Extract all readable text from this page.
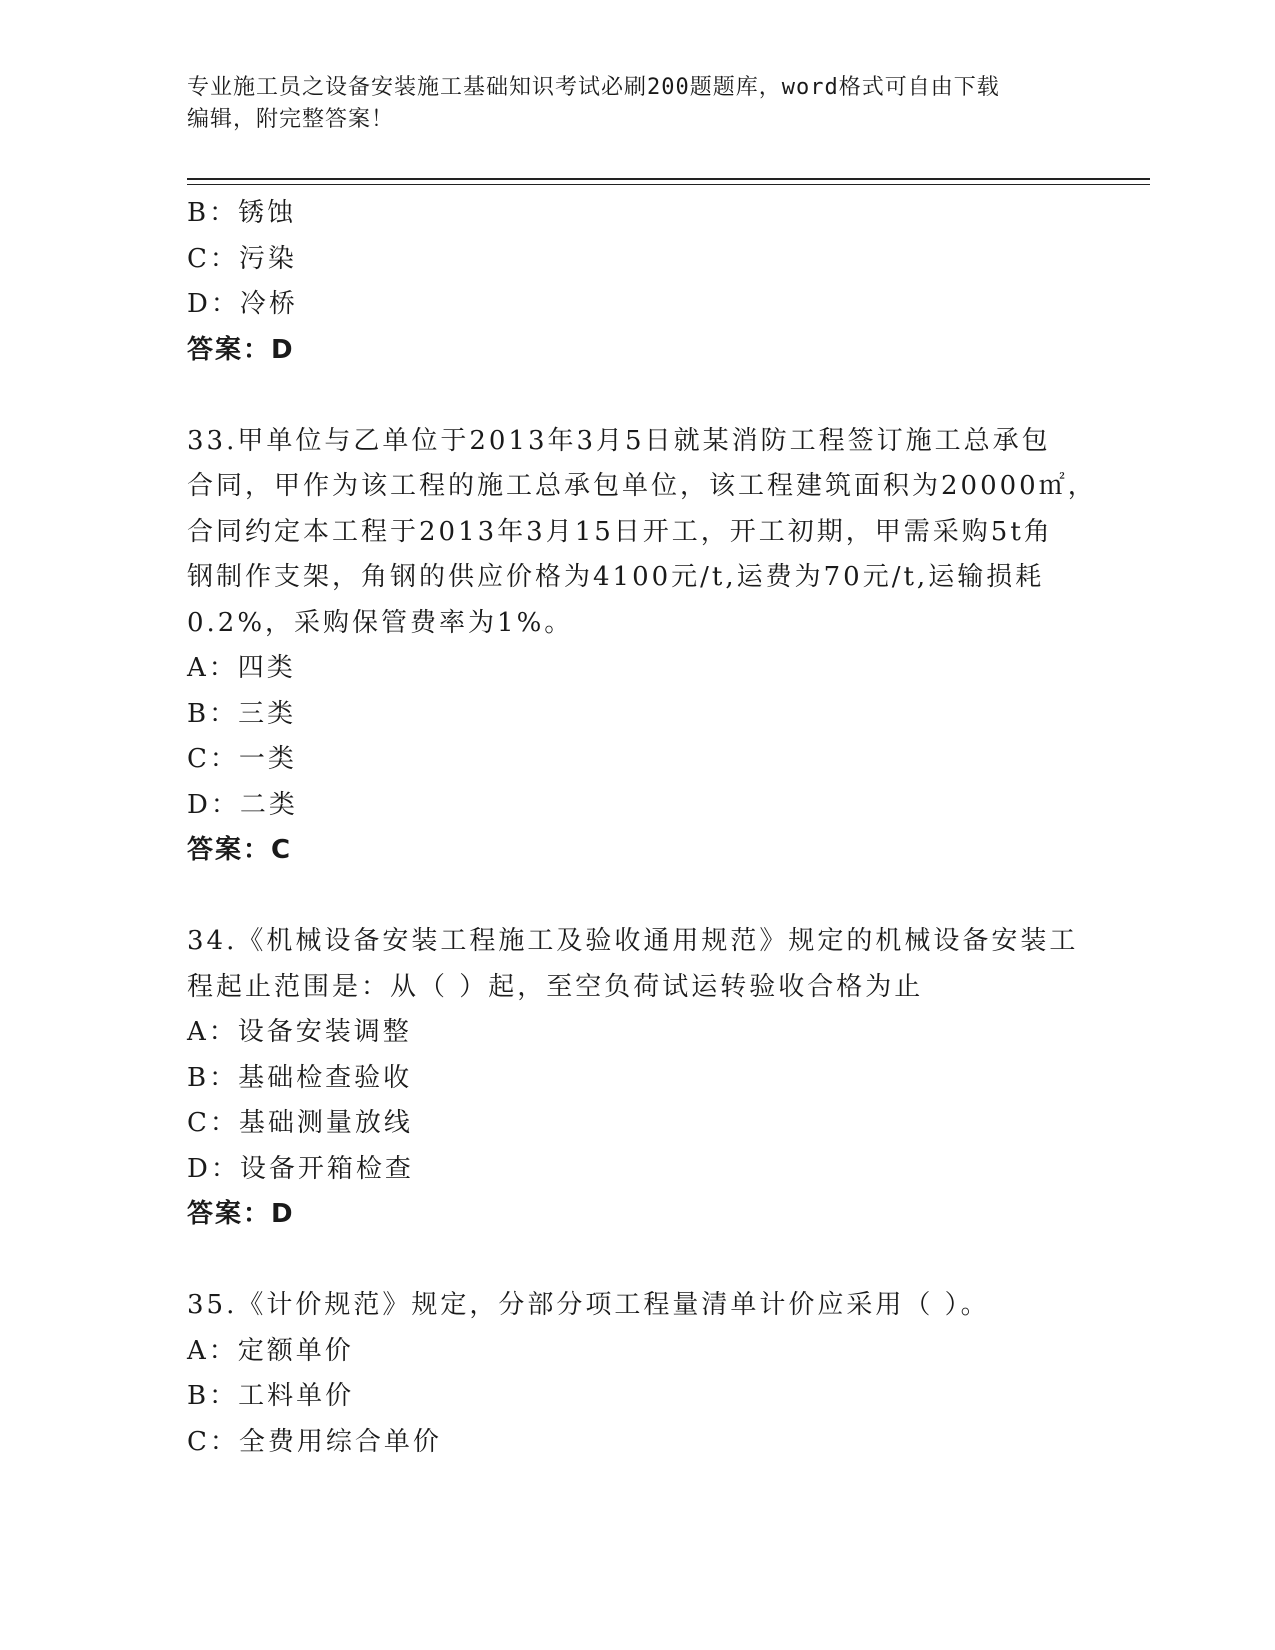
专业施工员之设备安装施工基础知识考试必刷200题题库，word格式可自由下载
编辑，附完整答案！
B：锈蚀
C：污染
D：冷桥
答案：D
33.甲单位与乙单位于2013年3月5日就某消防工程签订施工总承包
合同，甲作为该工程的施工总承包单位，该工程建筑面积为20000㎡，
合同约定本工程于2013年3月15日开工，开工初期，甲需采购5t角
钢制作支架，角钢的供应价格为4100元/t,运费为70元/t,运输损耗
0.2%，采购保管费率为1%。
A：四类
B：三类
C：一类
D：二类
答案：C
34.《机械设备安装工程施工及验收通用规范》规定的机械设备安装工
程起止范围是：从（ ）起，至空负荷试运转验收合格为止
A：设备安装调整
B：基础检查验收
C：基础测量放线
D：设备开箱检查
答案：D
35.《计价规范》规定，分部分项工程量清单计价应采用（ ）。
A：定额单价
B：工料单价
C：全费用综合单价
